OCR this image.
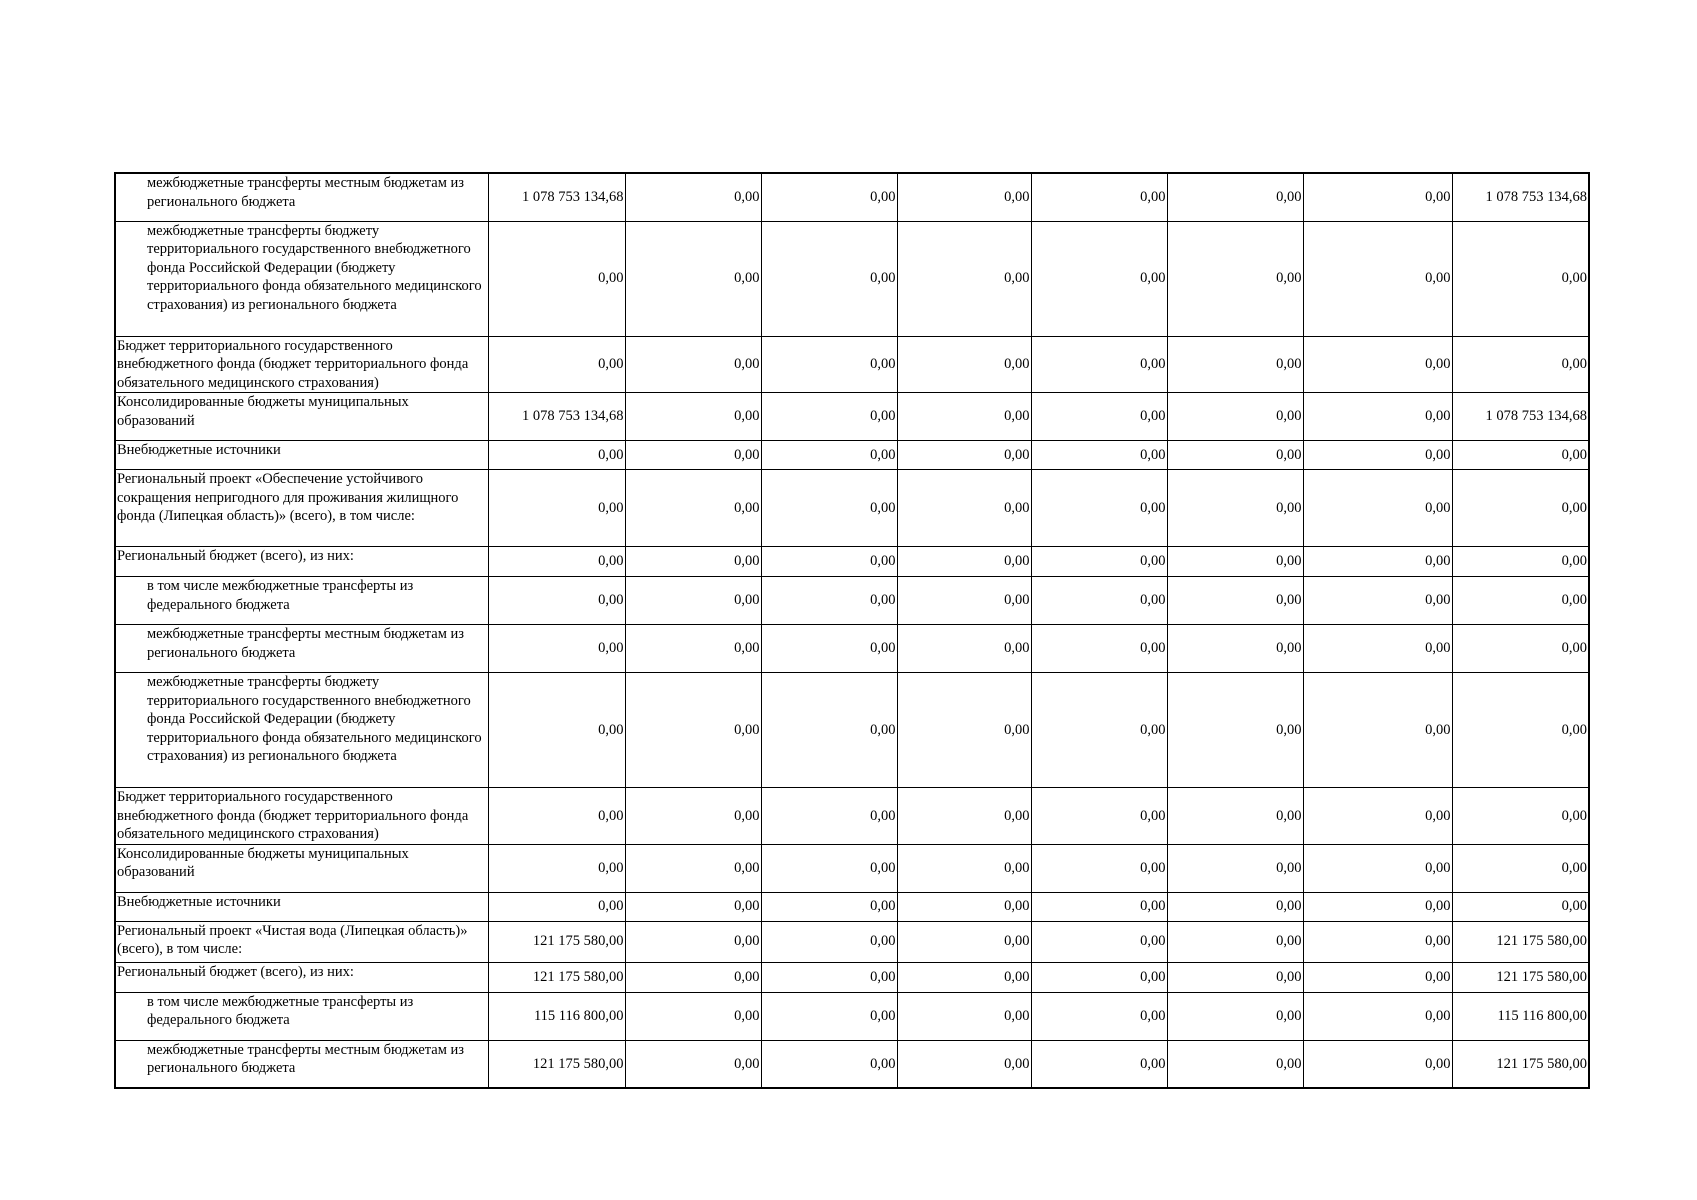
межбюджетные трансферты местным бюджетам из регионального бюджета	1 078 753 134,68	0,00	0,00	0,00	0,00	0,00	0,00	1 078 753 134,68
межбюджетные трансферты бюджету территориального государственного внебюджетного фонда Российской Федерации (бюджету территориального фонда обязательного медицинского страхования) из регионального бюджета	0,00	0,00	0,00	0,00	0,00	0,00	0,00	0,00
Бюджет территориального государственного внебюджетного фонда (бюджет территориального фонда обязательного медицинского страхования)	0,00	0,00	0,00	0,00	0,00	0,00	0,00	0,00
Консолидированные бюджеты муниципальных образований	1 078 753 134,68	0,00	0,00	0,00	0,00	0,00	0,00	1 078 753 134,68
Внебюджетные источники	0,00	0,00	0,00	0,00	0,00	0,00	0,00	0,00
Региональный проект «Обеспечение устойчивого сокращения непригодного для проживания жилищного фонда (Липецкая область)» (всего), в том числе:	0,00	0,00	0,00	0,00	0,00	0,00	0,00	0,00
Региональный бюджет (всего), из них:	0,00	0,00	0,00	0,00	0,00	0,00	0,00	0,00
в том числе межбюджетные трансферты из федерального бюджета	0,00	0,00	0,00	0,00	0,00	0,00	0,00	0,00
межбюджетные трансферты местным бюджетам из регионального бюджета	0,00	0,00	0,00	0,00	0,00	0,00	0,00	0,00
межбюджетные трансферты бюджету территориального государственного внебюджетного фонда Российской Федерации (бюджету территориального фонда обязательного медицинского страхования) из регионального бюджета	0,00	0,00	0,00	0,00	0,00	0,00	0,00	0,00
Бюджет территориального государственного внебюджетного фонда (бюджет территориального фонда обязательного медицинского страхования)	0,00	0,00	0,00	0,00	0,00	0,00	0,00	0,00
Консолидированные бюджеты муниципальных образований	0,00	0,00	0,00	0,00	0,00	0,00	0,00	0,00
Внебюджетные источники	0,00	0,00	0,00	0,00	0,00	0,00	0,00	0,00
Региональный проект «Чистая вода (Липецкая область)» (всего), в том числе:	121 175 580,00	0,00	0,00	0,00	0,00	0,00	0,00	121 175 580,00
Региональный бюджет (всего), из них:	121 175 580,00	0,00	0,00	0,00	0,00	0,00	0,00	121 175 580,00
в том числе межбюджетные трансферты из федерального бюджета	115 116 800,00	0,00	0,00	0,00	0,00	0,00	0,00	115 116 800,00
межбюджетные трансферты местным бюджетам из регионального бюджета	121 175 580,00	0,00	0,00	0,00	0,00	0,00	0,00	121 175 580,00
